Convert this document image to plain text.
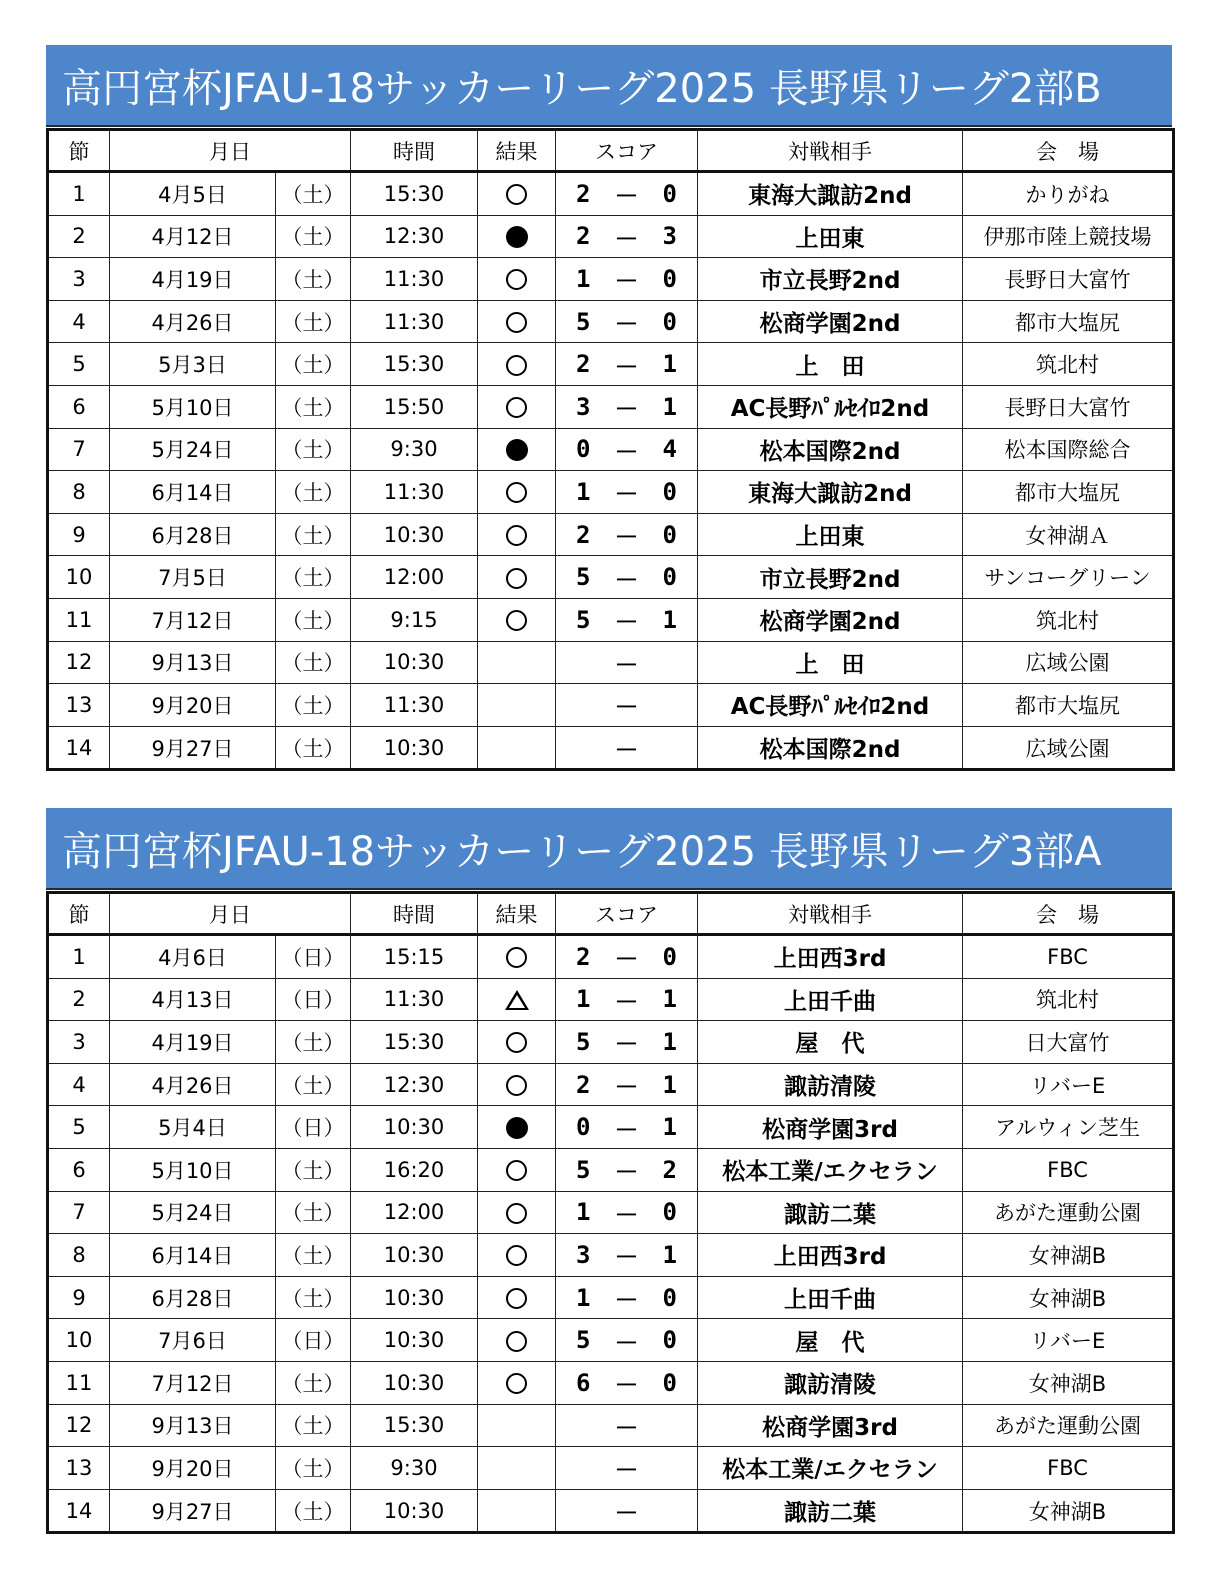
高円宮杯JFAU-18サッカーリーグ2025 長野県リーグ2部B
節	月日		時間	結果	スコア	対戦相手	会　場
1	4月5日	（土）	15:30		2 － 0	東海大諏訪2nd	かりがね
2	4月12日	（土）	12:30		2 － 3	上田東	伊那市陸上競技場
3	4月19日	（土）	11:30		1 － 0	市立長野2nd	長野日大富竹
4	4月26日	（土）	11:30		5 － 0	松商学園2nd	都市大塩尻
5	5月3日	（土）	15:30		2 － 1	上　田	筑北村
6	5月10日	（土）	15:50		3 － 1	AC長野ﾊﾟﾙｾｲﾛ2nd	長野日大富竹
7	5月24日	（土）	9:30		0 － 4	松本国際2nd	松本国際総合
8	6月14日	（土）	11:30		1 － 0	東海大諏訪2nd	都市大塩尻
9	6月28日	（土）	10:30		2 － 0	上田東	女神湖Ａ
10	7月5日	（土）	12:00		5 － 0	市立長野2nd	サンコーグリーン
11	7月12日	（土）	9:15		5 － 1	松商学園2nd	筑北村
12	9月13日	（土）	10:30		－	上　田	広域公園
13	9月20日	（土）	11:30		－	AC長野ﾊﾟﾙｾｲﾛ2nd	都市大塩尻
14	9月27日	（土）	10:30		－	松本国際2nd	広域公園
高円宮杯JFAU-18サッカーリーグ2025 長野県リーグ3部A
節	月日		時間	結果	スコア	対戦相手	会　場
1	4月6日	（日）	15:15		2 － 0	上田西3rd	FBC
2	4月13日	（日）	11:30		1 － 1	上田千曲	筑北村
3	4月19日	（土）	15:30		5 － 1	屋　代	日大富竹
4	4月26日	（土）	12:30		2 － 1	諏訪清陵	リバーE
5	5月4日	（日）	10:30		0 － 1	松商学園3rd	アルウィン芝生
6	5月10日	（土）	16:20		5 － 2	松本工業/エクセラン	FBC
7	5月24日	（土）	12:00		1 － 0	諏訪二葉	あがた運動公園
8	6月14日	（土）	10:30		3 － 1	上田西3rd	女神湖B
9	6月28日	（土）	10:30		1 － 0	上田千曲	女神湖B
10	7月6日	（日）	10:30		5 － 0	屋　代	リバーE
11	7月12日	（土）	10:30		6 － 0	諏訪清陵	女神湖B
12	9月13日	（土）	15:30		－	松商学園3rd	あがた運動公園
13	9月20日	（土）	9:30		－	松本工業/エクセラン	FBC
14	9月27日	（土）	10:30		－	諏訪二葉	女神湖B
